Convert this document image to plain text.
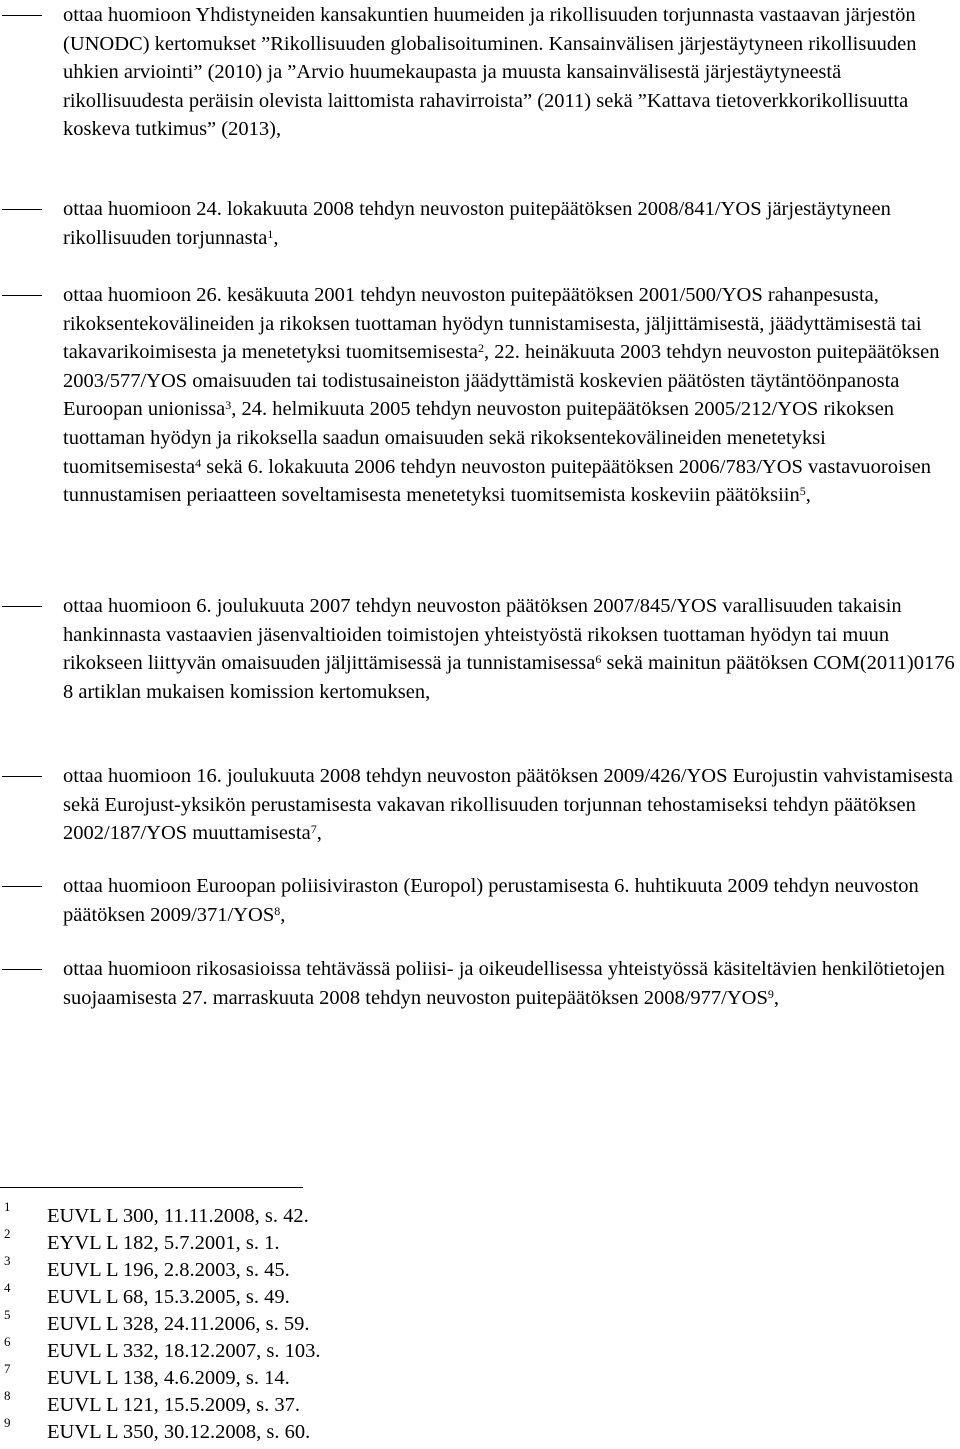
ottaa huomioon Yhdistyneiden kansakuntien huumeiden ja rikollisuuden torjunnasta vastaavan järjestön (UNODC) kertomukset ”Rikollisuuden globalisoituminen. Kansainvälisen järjestäytyneen rikollisuuden uhkien arviointi” (2010) ja ”Arvio huumekaupasta ja muusta kansainvälisestä järjestäytyneestä rikollisuudesta peräisin olevista laittomista rahavirroista” (2011) sekä ”Kattava tietoverkkorikollisuutta koskeva tutkimus” (2013),

ottaa huomioon 24. lokakuuta 2008 tehdyn neuvoston puitepäätöksen 2008/841/YOS järjestäytyneen rikollisuuden torjunnasta$^1$,

ottaa huomioon 26. kesäkuuta 2001 tehdyn neuvoston puitepäätöksen 2001/500/YOS rahanpesusta, rikoksentekovälineiden ja rikoksen tuottaman hyödyn tunnistamisesta, jäljittämisestä, jäädyttämisestä tai takavarikoimisesta ja menetetyksi tuomitsemisesta$^2$, 22. heinäkuuta 2003 tehdyn neuvoston puitepäätöksen 2003/577/YOS omaisuuden tai todistusaineiston jäädyttämistä koskevien päätösten täytäntöönpanosta Euroopan unionissa$^3$, 24. helmikuuta 2005 tehdyn neuvoston puitepäätöksen 2005/212/YOS rikoksen tuottaman hyödyn ja rikoksella saadun omaisuuden sekä rikoksentekovälineiden menetetyksi tuomitsemisesta$^4$ sekä 6. lokakuuta 2006 tehdyn neuvoston puitepäätöksen 2006/783/YOS vastavuoroisen tunnustamisen periaatteen soveltamisesta menetetyksi tuomitsemista koskeviin päätöksiin$^5$,

ottaa huomioon 6. joulukuuta 2007 tehdyn neuvoston päätöksen 2007/845/YOS varallisuuden takaisin hankinnasta vastaavien jäsenvaltioiden toimistojen yhteistyöstä rikoksen tuottaman hyödyn tai muun rikokseen liittyvän omaisuuden jäljittämisessä ja tunnistamisessa$^6$ sekä mainitun päätöksen COM(2011)0176 8 artiklan mukaisen komission kertomuksen,

ottaa huomioon 16. joulukuuta 2008 tehdyn neuvoston päätöksen 2009/426/YOS Eurojustin vahvistamisesta sekä Eurojust-yksikön perustamisesta vakavan rikollisuuden torjunnan tehostamiseksi tehdyn päätöksen 2002/187/YOS muuttamisesta$^7$,

ottaa huomioon Euroopan poliisiviraston (Europol) perustamisesta 6. huhtikuuta 2009 tehdyn neuvoston päätöksen 2009/371/YOS$^8$,

ottaa huomioon rikosasioissa tehtävässä poliisi- ja oikeudellisessa yhteistyössä käsiteltävien henkilötietojen suojaamisesta 27. marraskuuta 2008 tehdyn neuvoston puitepäätöksen 2008/977/YOS$^9$,

1 EUVL L 300, 11.11.2008, s. 42.
2 EYVL L 182, 5.7.2001, s. 1.
3 EUVL L 196, 2.8.2003, s. 45.
4 EUVL L 68, 15.3.2005, s. 49.
5 EUVL L 328, 24.11.2006, s. 59.
6 EUVL L 332, 18.12.2007, s. 103.
7 EUVL L 138, 4.6.2009, s. 14.
8 EUVL L 121, 15.5.2009, s. 37.
9 EUVL L 350, 30.12.2008, s. 60.
